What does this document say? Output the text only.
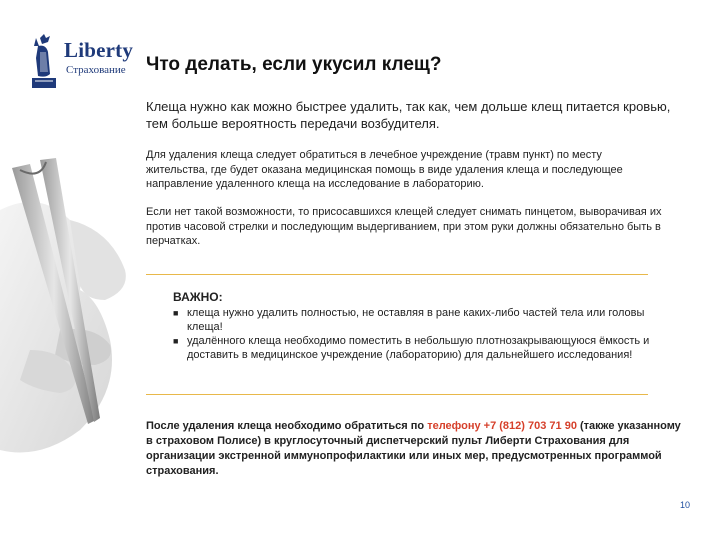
Liberty
Страхование Что делать, если укусил клещ?
Клеща нужно как можно быстрее удалить, так как, чем дольше клещ питается кровью, тем больше вероятность передачи возбудителя.
Для удаления клеща следует обратиться в лечебное учреждение (травм пункт) по месту жительства, где будет оказана медицинская помощь в виде удаления клеща и последующее направление удаленного клеща на исследование в лабораторию.
Если нет такой возможности, то присосавшихся клещей следует снимать пинцетом, выворачивая их против часовой стрелки и последующим выдергиванием, при этом руки должны обязательно быть в перчатках.
ВАЖНО:
■ клеща нужно удалить полностью, не оставляя в ране каких-либо частей тела или головы клеща!
■ удалённого клеща необходимо поместить в небольшую плотнозакрывающуюся ёмкость и доставить в медицинское учреждение (лабораторию) для дальнейшего исследования!
После удаления клеща необходимо обратиться по телефону +7 (812) 703 71 90 (также указанному в страховом Полисе) в круглосуточный диспетчерский пульт Либерти Страхования для организации экстренной иммунопрофилактики или иных мер, предусмотренных программой страхования.
10
